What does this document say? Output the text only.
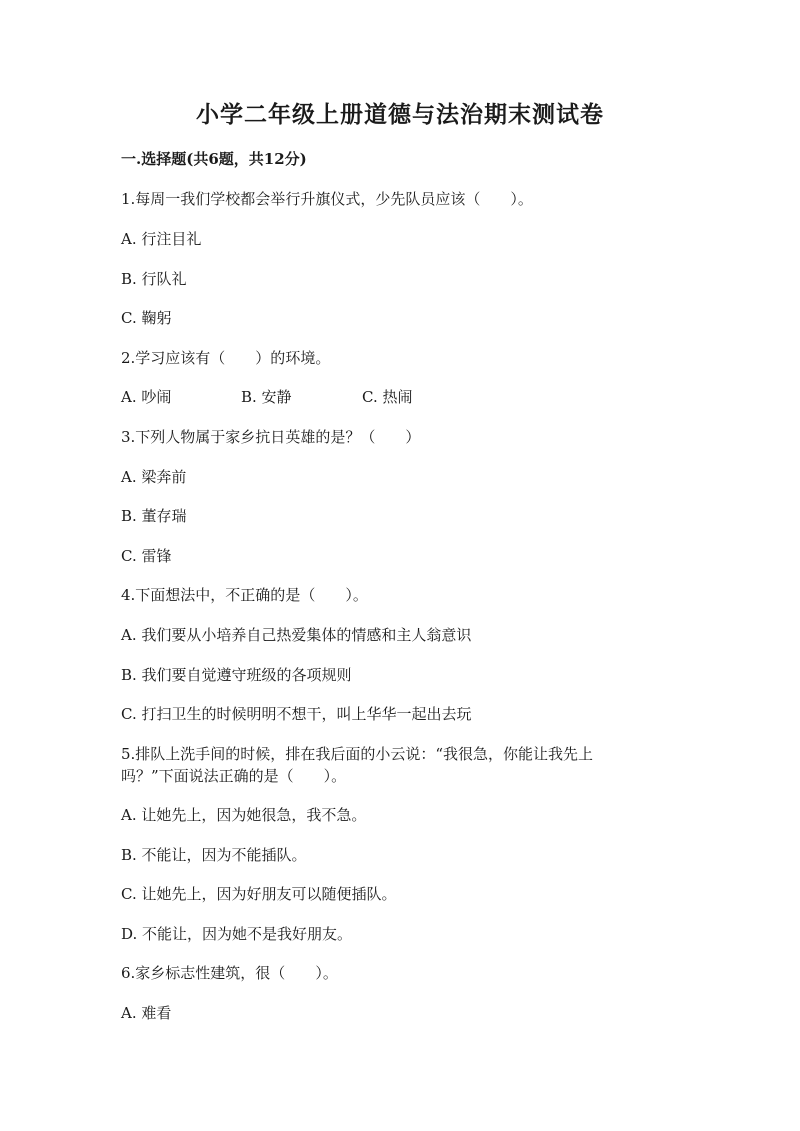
小学二年级上册道德与法治期末测试卷
一.选择题(共6题，共12分)
1.每周一我们学校都会举行升旗仪式，少先队员应该（　　）。
A. 行注目礼
B. 行队礼
C. 鞠躬
2.学习应该有（　　）的环境。
A. 吵闹	B. 安静	C. 热闹
3.下列人物属于家乡抗日英雄的是？（　　）
A. 梁奔前
B. 董存瑞
C. 雷锋
4.下面想法中，不正确的是（　　）。
A. 我们要从小培养自己热爱集体的情感和主人翁意识
B. 我们要自觉遵守班级的各项规则
C. 打扫卫生的时候明明不想干，叫上华华一起出去玩
5.排队上洗手间的时候，排在我后面的小云说：“我很急，你能让我先上
吗？”下面说法正确的是（　　）。
A. 让她先上，因为她很急，我不急。
B. 不能让，因为不能插队。
C. 让她先上，因为好朋友可以随便插队。
D. 不能让，因为她不是我好朋友。
6.家乡标志性建筑，很（　　）。
A. 难看
